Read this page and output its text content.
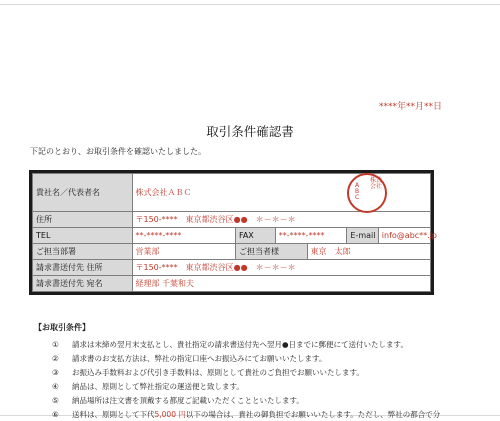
****年**月**日
取引条件確認書
下記のとおり、お取引条件を確認いたしました。
貴社名／代表者名	株式会社ＡＢＣ				
住所	〒150-****　東京都渋谷区●●　＊－＊－＊				
TEL	**-****-****	FAX	**-****-****		E-mail info@abc**.jp
ご担当部署	営業部	ご担当者様		東京　太郎	
請求書送付先 住所	〒150-****　東京都渋谷区●●　＊－＊－＊				
請求書送付先 宛名	経理部 千葉和夫				
ABC
株式会社
【お取引条件】
① 請求は末締め翌月末支払とし、貴社指定の請求書送付先へ翌月●日までに郵便にて送付いたします。
② 請求書のお支払方法は、弊社の指定口座へお振込みにてお願いいたします。
③ お振込み手数料および代引き手数料は、原則として貴社のご負担でお願いいたします。
④ 納品は、原則として弊社指定の運送便と致します。
⑤ 納品場所は注文書を頂戴する都度ご記載いただくことといたします。
⑥ 送料は、原則として下代5,000 円以下の場合は、貴社の御負担でお願いいたします。ただし、弊社の都合で分
